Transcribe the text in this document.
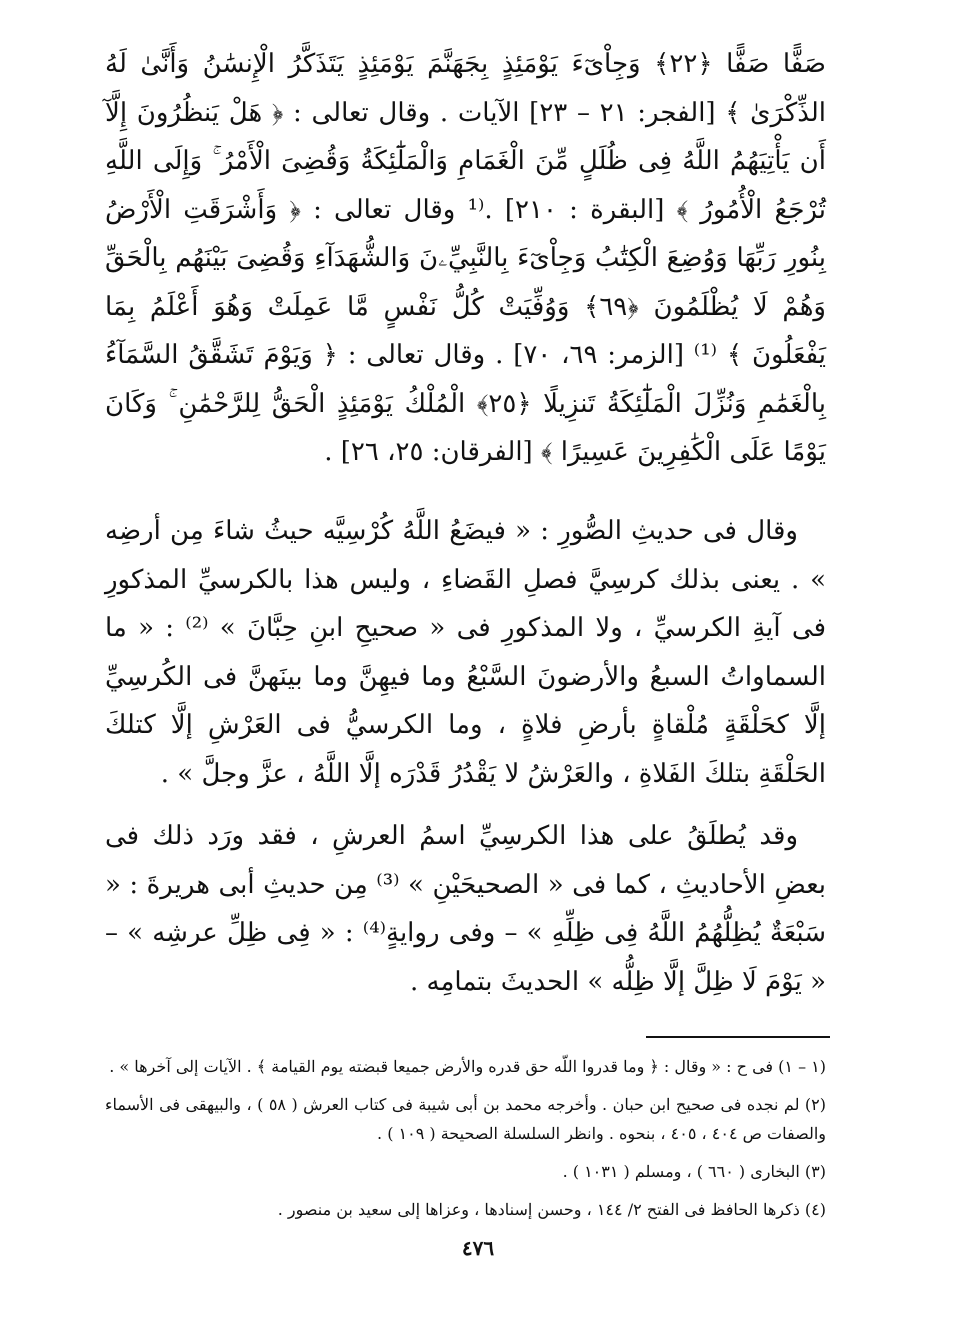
صَفًّا صَفًّا ﴿٢٢﴾ وَجِاْىٓءَ يَوْمَئِذٍ بِجَهَنَّمَ يَوْمَئِذٍ يَتَذَكَّرُ الْإِنسَٰنُ وَأَنَّىٰ لَهُ الذِّكْرَىٰ ﴾ [الفجر: ٢١ – ٢٣] الآيات . وقال تعالى : ﴿ هَلْ يَنظُرُونَ إِلَّآ أَن يَأْتِيَهُمُ اللَّهُ فِى ظُلَلٍ مِّنَ الْغَمَامِ وَالْمَلَٰٓئِكَةُ وَقُضِىَ الْأَمْرُ ۚ وَإِلَى اللَّهِ تُرْجَعُ الْأُمُورُ ﴾ [البقرة : ٢١٠] .⁽¹ وقال تعالى : ﴿ وَأَشْرَقَتِ الْأَرْضُ بِنُورِ رَبِّهَا وَوُضِعَ الْكِتَٰبُ وَجِاْىٓءَ بِالنَّبِيِّۦنَ وَالشُّهَدَآءِ وَقُضِىَ بَيْنَهُم بِالْحَقِّ وَهُمْ لَا يُظْلَمُونَ ﴿٦٩﴾ وَوُفِّيَتْ كُلُّ نَفْسٍ مَّا عَمِلَتْ وَهُوَ أَعْلَمُ بِمَا يَفْعَلُونَ ﴾ ⁽¹⁾ [الزمر: ٦٩، ٧٠] . وقال تعالى : ﴿ وَيَوْمَ تَشَقَّقُ السَّمَآءُ بِالْغَمَٰمِ وَنُزِّلَ الْمَلَٰٓئِكَةُ تَنزِيلًا ﴿٢٥﴾ الْمُلْكُ يَوْمَئِذٍ الْحَقُّ لِلرَّحْمَٰنِ ۚ وَكَانَ يَوْمًا عَلَى الْكَٰفِرِينَ عَسِيرًا ﴾ [الفرقان: ٢٥، ٢٦] .

وقال فى حديثِ الصُّورِ : « فيضَعُ اللَّهُ كُرْسِيَّه حيثُ شاءَ مِن أرضِه » . يعنى بذلك كرسِيَّ فصلِ القَضاءِ ، وليس هذا بالكرسيِّ المذكورِ فى آيةِ الكرسيِّ ، ولا المذكورِ فى « صحيحِ ابنِ حِبَّانَ » ⁽²⁾ : « ما السماواتُ السبعُ والأرضونَ السَّبْعُ وما فيهِنَّ وما بينَهنَّ فى الكُرسِيِّ إلَّا كحَلْقَةٍ مُلْقاةٍ بأرضِ فلاةٍ ، وما الكرسيُّ فى العَرْشِ إلَّا كتلكَ الحَلْقَةِ بتلكَ الفَلاةِ ، والعَرْشُ لا يَقْدُرُ قَدْرَه إلَّا اللَّهُ ، عزَّ وجلَّ » .

وقد يُطلَقُ على هذا الكرسِيِّ اسمُ العرشِ ، فقد ورَد ذلك فى بعضِ الأحاديثِ ، كما فى « الصحيحَيْنِ » ⁽³⁾ مِن حديثِ أبى هريرةَ : « سَبْعَةٌ يُظِلُّهُمُ اللَّهُ فِى ظِلِّهِ » – وفى روايةٍ⁽⁴⁾ : « فِى ظِلِّ عرشِه » – « يَوْمَ لَا ظِلَّ إلَّا ظِلُّه » الحديثَ بتمامِه .

(١ – ١) فى ح : « وقال : ﴿ وما قدروا اللّه حق قدره والأرض جميعا قبضته يوم القيامة ﴾ . الآيات إلى آخرها » .

(٢) لم نجده فى صحيح ابن حبان . وأخرجه محمد بن أبى شيبة فى كتاب العرش ( ٥٨ ) ، والبيهقى فى الأسماء والصفات ص ٤٠٤ ، ٤٠٥ ، بنحوه . وانظر السلسلة الصحيحة ( ١٠٩ ) .

(٣) البخارى ( ٦٦٠ ) ، ومسلم ( ١٠٣١ ) .

(٤) ذكرها الحافظ فى الفتح ٢/ ١٤٤ ، وحسن إسنادها ، وعزاها إلى سعيد بن منصور .

٤٧٦
